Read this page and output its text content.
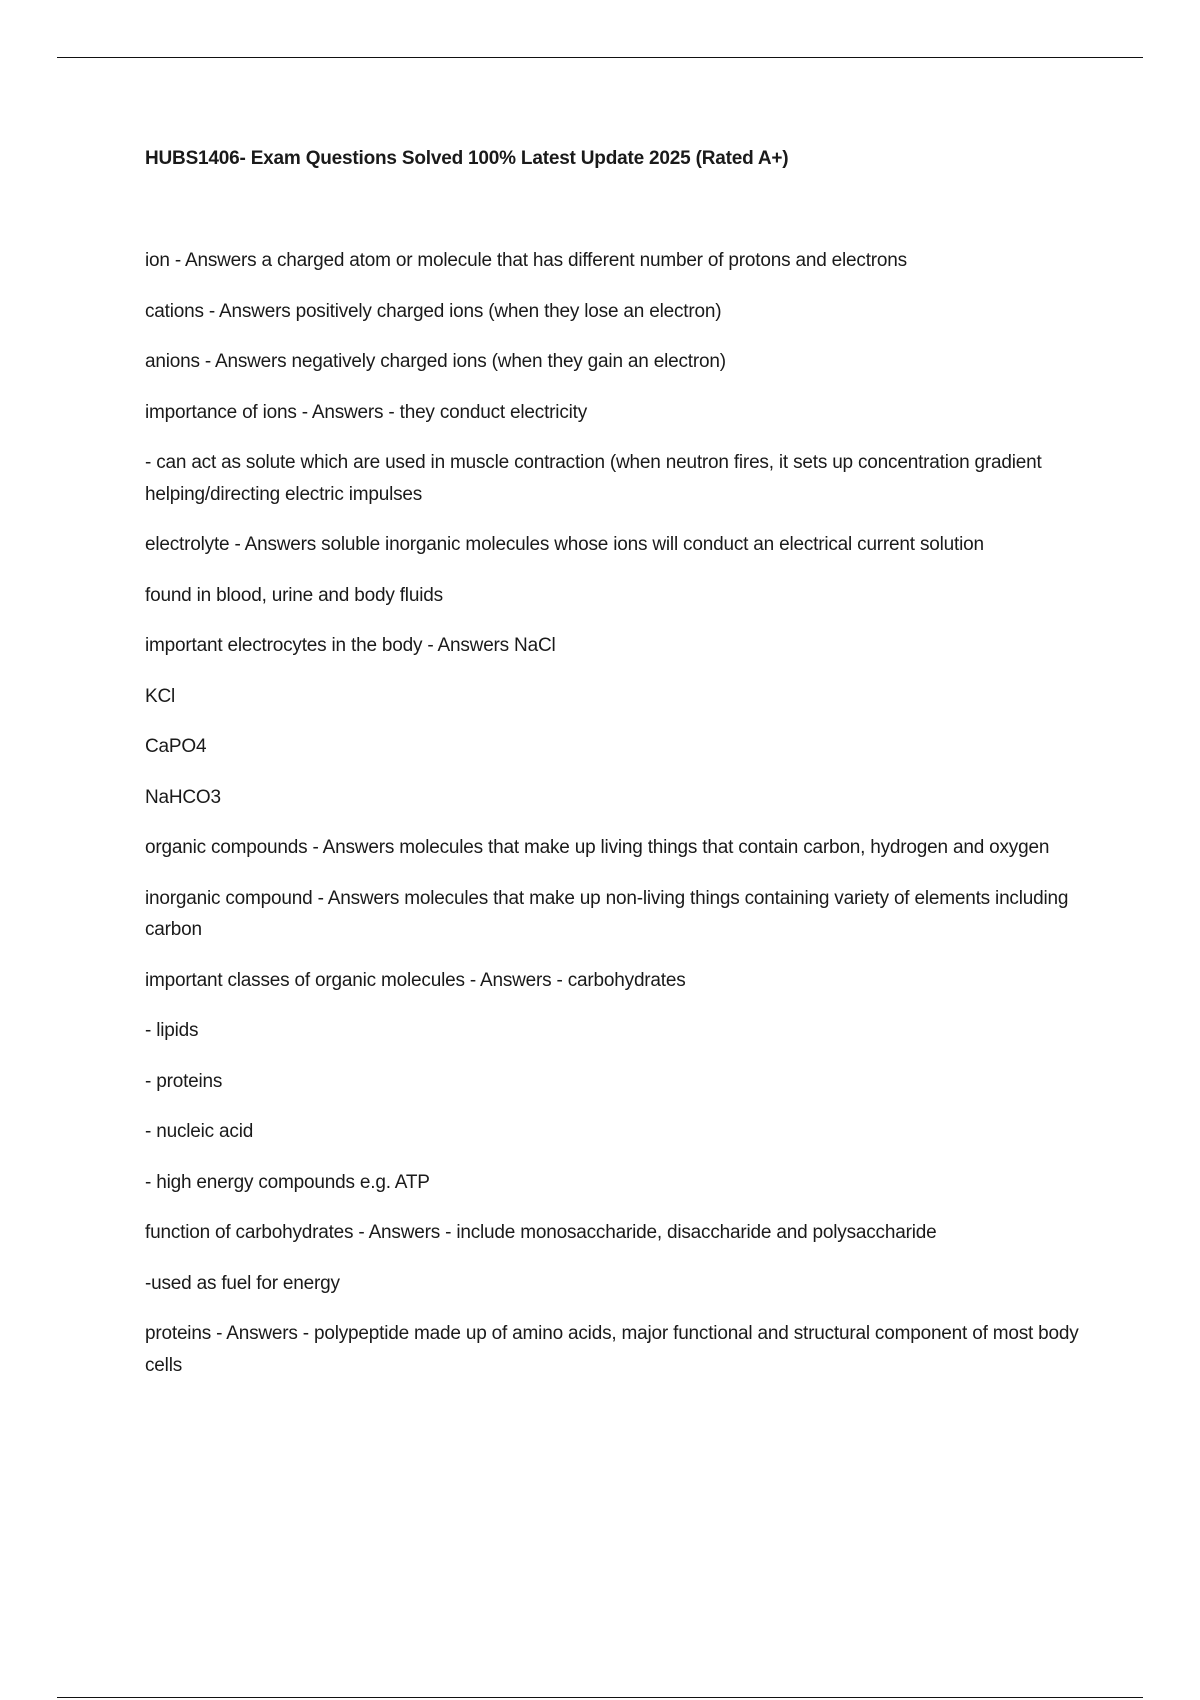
HUBS1406- Exam Questions Solved 100% Latest Update 2025 (Rated A+)

ion - Answers a charged atom or molecule that has different number of protons and electrons

cations - Answers positively charged ions (when they lose an electron)

anions - Answers negatively charged ions (when they gain an electron)

importance of ions - Answers - they conduct electricity

- can act as solute which are used in muscle contraction (when neutron fires, it sets up concentration gradient helping/directing electric impulses

electrolyte - Answers soluble inorganic molecules whose ions will conduct an electrical current solution

found in blood, urine and body fluids

important electrocytes in the body - Answers NaCl

KCl

CaPO4

NaHCO3

organic compounds - Answers molecules that make up living things that contain carbon, hydrogen and oxygen

inorganic compound - Answers molecules that make up non-living things containing variety of elements including carbon

important classes of organic molecules - Answers - carbohydrates

- lipids

- proteins

- nucleic acid

- high energy compounds e.g. ATP

function of carbohydrates - Answers - include monosaccharide, disaccharide and polysaccharide

-used as fuel for energy

proteins - Answers - polypeptide made up of amino acids, major functional and structural component of most body cells
